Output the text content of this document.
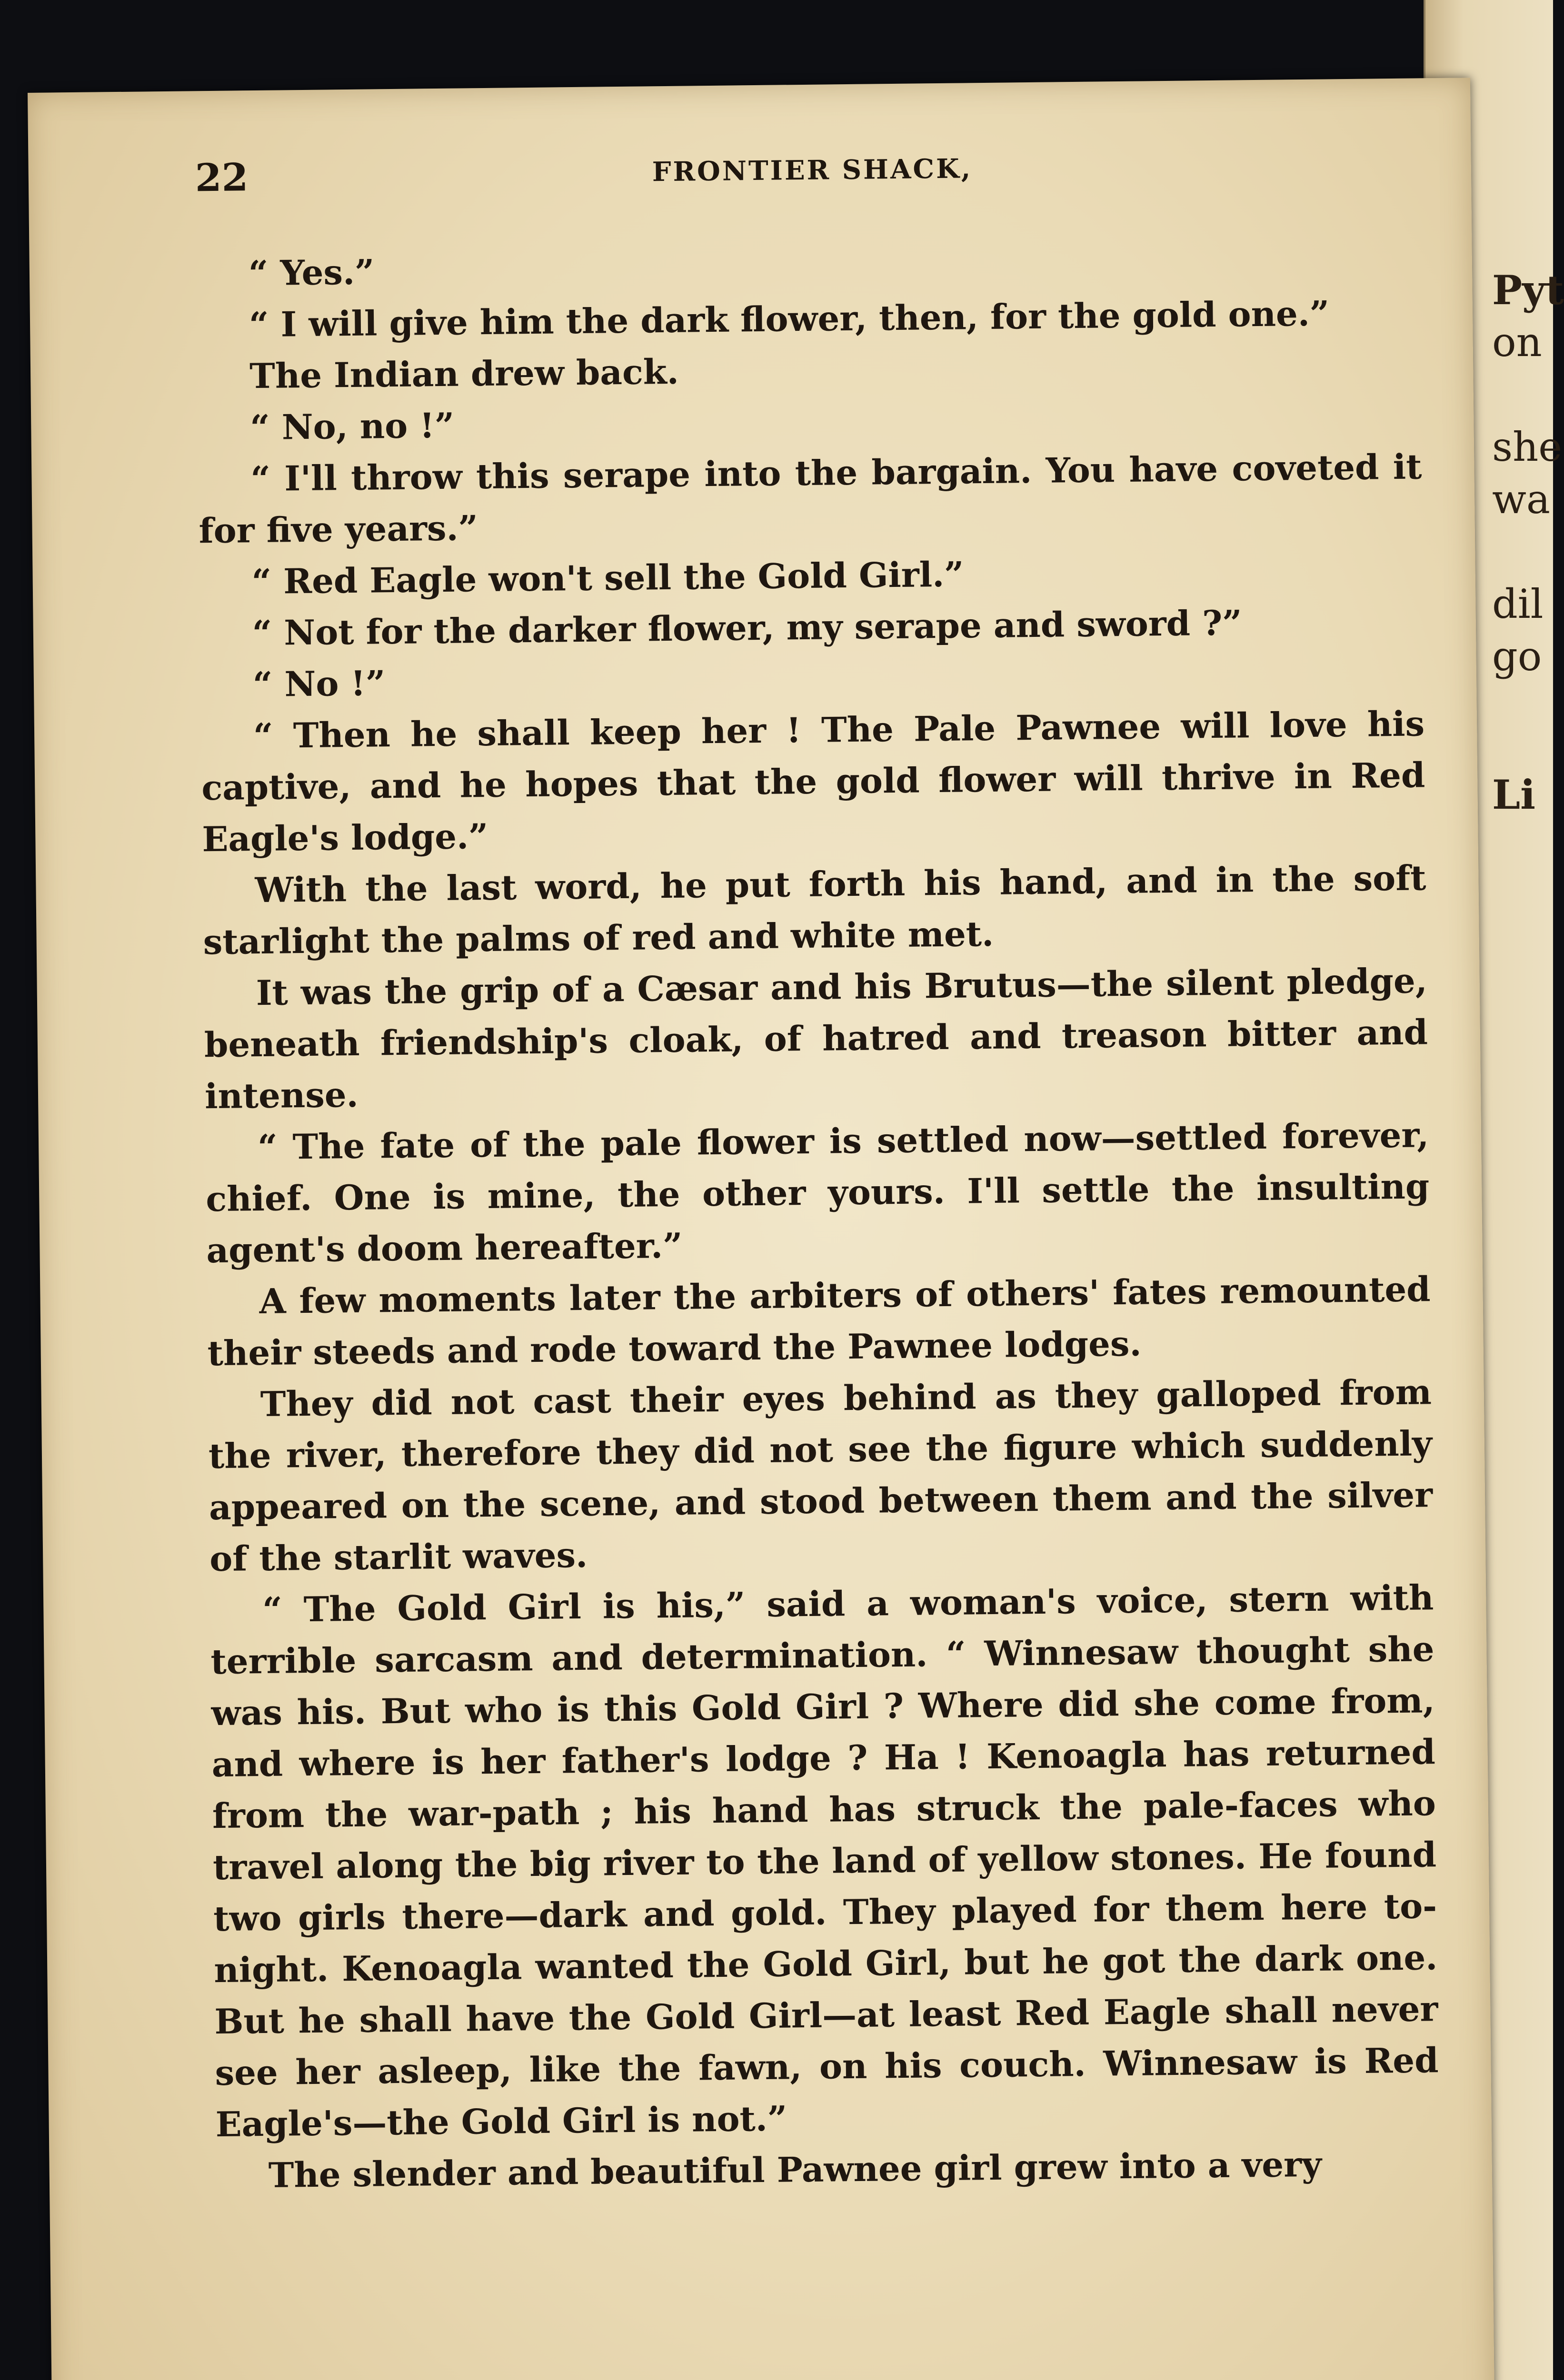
Pyt
on
she
wa
dil
go
Li
22	FRONTIER SHACK,

“ Yes.”

“ I will give him the dark flower, then, for the gold one.”

The Indian drew back.

“ No, no !”

“ I'll throw this serape into the bargain. You have coveted it for five years.”

“ Red Eagle won't sell the Gold Girl.”

“ Not for the darker flower, my serape and sword ?”

“ No !”

“ Then he shall keep her ! The Pale Pawnee will love his captive, and he hopes that the gold flower will thrive in Red Eagle's lodge.”

With the last word, he put forth his hand, and in the soft starlight the palms of red and white met.

It was the grip of a Cæsar and his Brutus—the silent pledge, beneath friendship's cloak, of hatred and treason bitter and intense.

“ The fate of the pale flower is settled now—settled forever, chief. One is mine, the other yours. I'll settle the insulting agent's doom hereafter.”

A few moments later the arbiters of others' fates remounted their steeds and rode toward the Pawnee lodges.

They did not cast their eyes behind as they galloped from the river, therefore they did not see the figure which suddenly appeared on the scene, and stood between them and the silver of the starlit waves.

“ The Gold Girl is his,” said a woman's voice, stern with terrible sarcasm and determination. “ Winnesaw thought she was his. But who is this Gold Girl ? Where did she come from, and where is her father's lodge ? Ha ! Kenoagla has returned from the war-path ; his hand has struck the pale-faces who travel along the big river to the land of yellow stones. He found two girls there—dark and gold. They played for them here to-night. Kenoagla wanted the Gold Girl, but he got the dark one. But he shall have the Gold Girl—at least Red Eagle shall never see her asleep, like the fawn, on his couch. Winnesaw is Red Eagle's—the Gold Girl is not.”

The slender and beautiful Pawnee girl grew into a very
